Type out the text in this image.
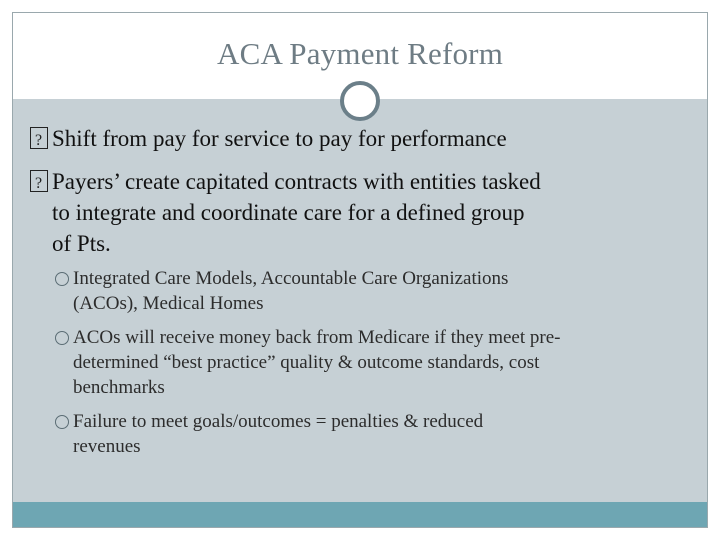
ACA Payment Reform
?Shift from pay for service to pay for performance
?Payers’ create capitated contracts with entities tasked
to integrate and coordinate care for a defined group
of Pts.
Integrated Care Models, Accountable Care Organizations
(ACOs), Medical Homes
ACOs will receive money back from Medicare if they meet pre-
determined “best practice” quality & outcome standards, cost
benchmarks
Failure to meet goals/outcomes = penalties & reduced
revenues
